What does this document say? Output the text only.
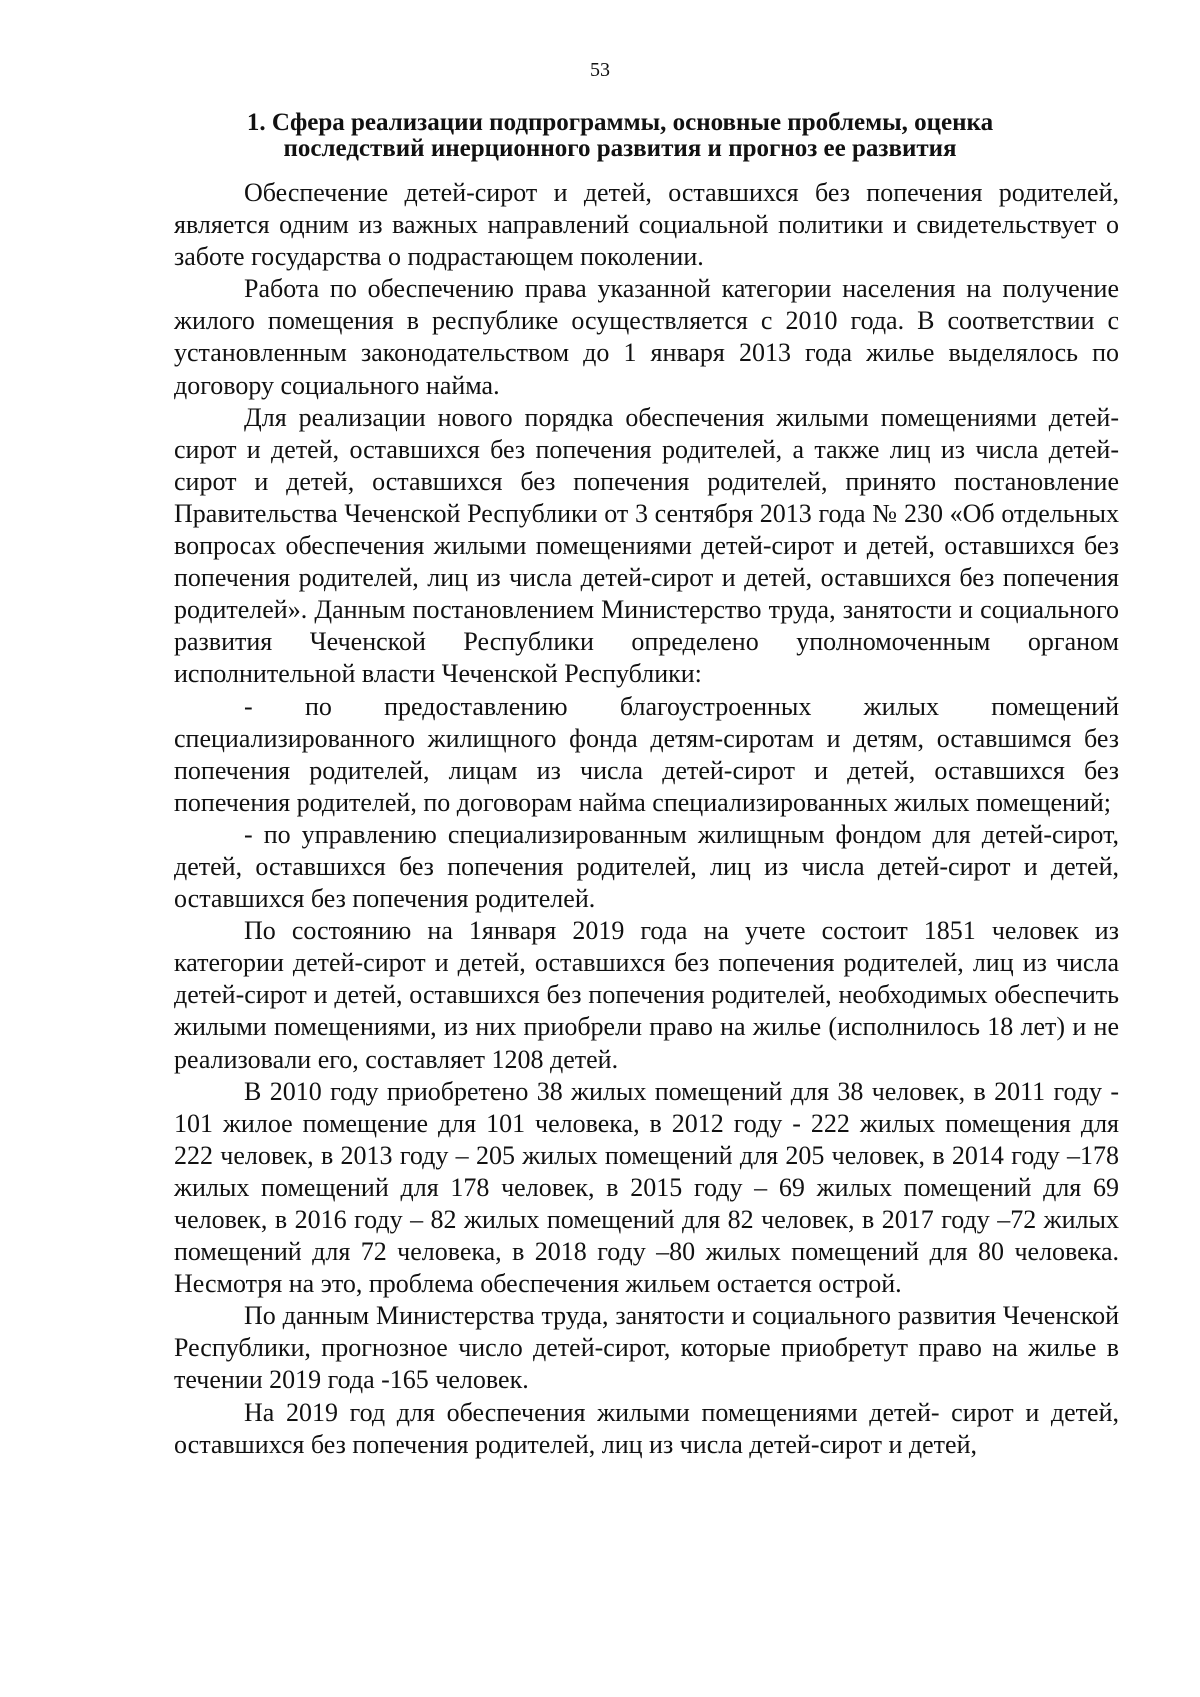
53
1. Сфера реализации подпрограммы, основные проблемы, оценка
последствий инерционного развития и прогноз ее развития

Обеспечение детей-сирот и детей, оставшихся без попечения родителей, является одним из важных направлений социальной политики и свидетельствует о заботе государства о подрастающем поколении.

Работа по обеспечению права указанной категории населения на получение жилого помещения в республике осуществляется с 2010 года. В соответствии с установленным законодательством до 1 января 2013 года жилье выделялось по договору социального найма.

Для реализации нового порядка обеспечения жилыми помещениями детей-сирот и детей, оставшихся без попечения родителей, а также лиц из числа детей-сирот и детей, оставшихся без попечения родителей, принято постановление Правительства Чеченской Республики от 3 сентября 2013 года № 230 «Об отдельных вопросах обеспечения жилыми помещениями детей-сирот и детей, оставшихся без попечения родителей, лиц из числа детей-сирот и детей, оставшихся без попечения родителей». Данным постановлением Министерство труда, занятости и социального развития Чеченской Республики определено уполномоченным органом исполнительной власти Чеченской Республики:

- по предоставлению благоустроенных жилых помещений специализированного жилищного фонда детям-сиротам и детям, оставшимся без попечения родителей, лицам из числа детей-сирот и детей, оставшихся без попечения родителей, по договорам найма специализированных жилых помещений;

- по управлению специализированным жилищным фондом для детей-сирот, детей, оставшихся без попечения родителей, лиц из числа детей-сирот и детей, оставшихся без попечения родителей.

По состоянию на 1января 2019 года на учете состоит 1851 человек из категории детей-сирот и детей, оставшихся без попечения родителей, лиц из числа детей-сирот и детей, оставшихся без попечения родителей, необходимых обеспечить жилыми помещениями, из них приобрели право на жилье (исполнилось 18 лет) и не реализовали его, составляет 1208 детей.

В 2010 году приобретено 38 жилых помещений для 38 человек, в 2011 году - 101 жилое помещение для 101 человека, в 2012 году - 222 жилых помещения для 222 человек, в 2013 году – 205 жилых помещений для 205 человек, в 2014 году –178 жилых помещений для 178 человек, в 2015 году – 69 жилых помещений для 69 человек, в 2016 году – 82 жилых помещений для 82 человек, в 2017 году –72 жилых помещений для 72 человека, в 2018 году –80 жилых помещений для 80 человека. Несмотря на это, проблема обеспечения жильем остается острой.

По данным Министерства труда, занятости и социального развития Чеченской Республики, прогнозное число детей-сирот, которые приобретут право на жилье в течении 2019 года -165 человек.

На 2019 год для обеспечения жилыми помещениями детей- сирот и детей, оставшихся без попечения родителей, лиц из числа детей-сирот и детей,
